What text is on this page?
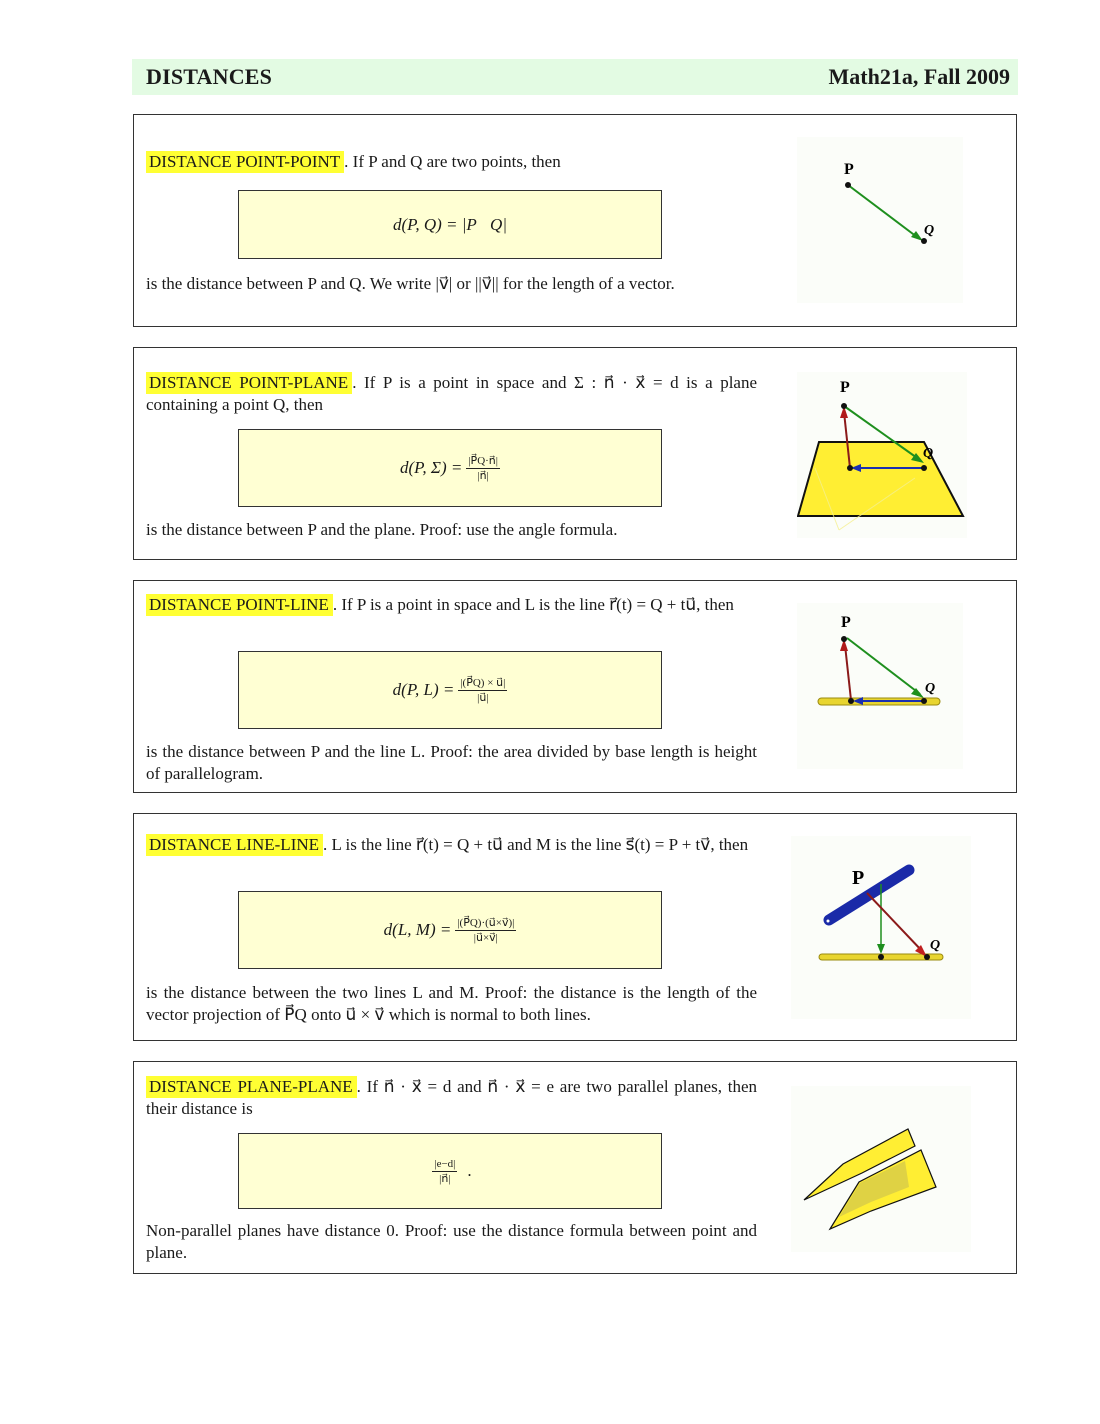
DISTANCES	Math21a, Fall 2009
DISTANCE POINT-POINT . If P and Q are two points, then
d(P, Q) = |P⃗Q|
is the distance between P and Q. We write |v⃗| or ||v⃗|| for the length of a vector.
P
Q
DISTANCE POINT-PLANE . If P is a point in space and Σ : n⃗ · x⃗ = d is a plane containing a point Q, then
d(P, $\Sigma) = \frac{|P⃗Q\cdot n⃗|}{|n⃗|}$
is the distance between P and the plane. Proof: use the angle formula.
P
Q
DISTANCE POINT-LINE . If P is a point in space and L is the line r⃗(t) = Q + tu⃗, then
d(P, $L) = \frac{|(P⃗Q) \times u⃗|}{|u⃗|}$
is the distance between P and the line L. Proof: the area divided by base length is height of parallelogram.
P
Q
DISTANCE LINE-LINE . L is the line r⃗(t) = Q + tu⃗ and M is the line s⃗(t) = P + tv⃗, then
d(L, $M) = \frac{|(P⃗Q)\cdot(u⃗\times v⃗)|}{|u⃗\times v⃗|}$
is the distance between the two lines L and M. Proof: the distance is the length of the vector projection of P⃗Q onto u⃗ × v⃗ which is normal to both lines.
P
Q
DISTANCE PLANE-PLANE . If n⃗ · x⃗ = d and n⃗ · x⃗ = e are two parallel planes, then their distance is
$\frac{|e-d|}{|n⃗|}$ .
Non-parallel planes have distance 0. Proof: use the distance formula between point and plane.
